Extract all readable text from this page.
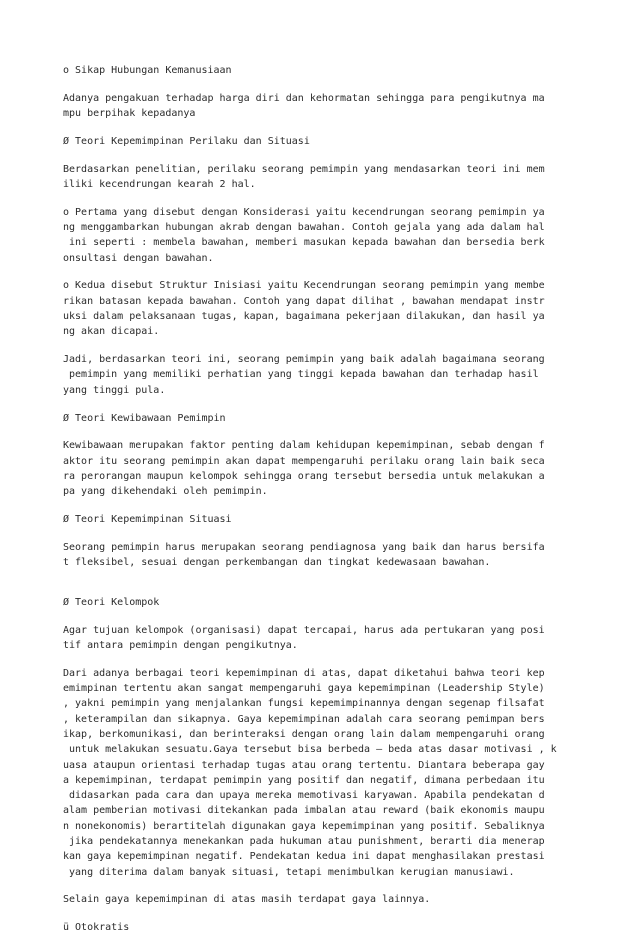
o Sikap Hubungan Kemanusiaan
Adanya pengakuan terhadap harga diri dan kehormatan sehingga para pengikutnya ma
mpu berpihak kepadanya
Ø Teori Kepemimpinan Perilaku dan Situasi
Berdasarkan penelitian, perilaku seorang pemimpin yang mendasarkan teori ini mem
iliki kecendrungan kearah 2 hal.
o Pertama yang disebut dengan Konsiderasi yaitu kecendrungan seorang pemimpin ya
ng menggambarkan hubungan akrab dengan bawahan. Contoh gejala yang ada dalam hal
ini seperti : membela bawahan, memberi masukan kepada bawahan dan bersedia berk
onsultasi dengan bawahan.
o Kedua disebut Struktur Inisiasi yaitu Kecendrungan seorang pemimpin yang membe
rikan batasan kepada bawahan. Contoh yang dapat dilihat , bawahan mendapat instr
uksi dalam pelaksanaan tugas, kapan, bagaimana pekerjaan dilakukan, dan hasil ya
ng akan dicapai.
Jadi, berdasarkan teori ini, seorang pemimpin yang baik adalah bagaimana seorang
pemimpin yang memiliki perhatian yang tinggi kepada bawahan dan terhadap hasil
yang tinggi pula.
Ø Teori Kewibawaan Pemimpin
Kewibawaan merupakan faktor penting dalam kehidupan kepemimpinan, sebab dengan f
aktor itu seorang pemimpin akan dapat mempengaruhi perilaku orang lain baik seca
ra perorangan maupun kelompok sehingga orang tersebut bersedia untuk melakukan a
pa yang dikehendaki oleh pemimpin.
Ø Teori Kepemimpinan Situasi
Seorang pemimpin harus merupakan seorang pendiagnosa yang baik dan harus bersifa
t fleksibel, sesuai dengan perkembangan dan tingkat kedewasaan bawahan.
Ø Teori Kelompok
Agar tujuan kelompok (organisasi) dapat tercapai, harus ada pertukaran yang posi
tif antara pemimpin dengan pengikutnya.
Dari adanya berbagai teori kepemimpinan di atas, dapat diketahui bahwa teori kep
emimpinan tertentu akan sangat mempengaruhi gaya kepemimpinan (Leadership Style)
, yakni pemimpin yang menjalankan fungsi kepemimpinannya dengan segenap filsafat
, keterampilan dan sikapnya. Gaya kepemimpinan adalah cara seorang pemimpan bers
ikap, berkomunikasi, dan berinteraksi dengan orang lain dalam mempengaruhi orang
untuk melakukan sesuatu.Gaya tersebut bisa berbeda – beda atas dasar motivasi , k
uasa ataupun orientasi terhadap tugas atau orang tertentu. Diantara beberapa gay
a kepemimpinan, terdapat pemimpin yang positif dan negatif, dimana perbedaan itu
didasarkan pada cara dan upaya mereka memotivasi karyawan. Apabila pendekatan d
alam pemberian motivasi ditekankan pada imbalan atau reward (baik ekonomis maupu
n nonekonomis) berartitelah digunakan gaya kepemimpinan yang positif. Sebaliknya
jika pendekatannya menekankan pada hukuman atau punishment, berarti dia menerap
kan gaya kepemimpinan negatif. Pendekatan kedua ini dapat menghasilakan prestasi
yang diterima dalam banyak situasi, tetapi menimbulkan kerugian manusiawi.
Selain gaya kepemimpinan di atas masih terdapat gaya lainnya.
ü Otokratis
